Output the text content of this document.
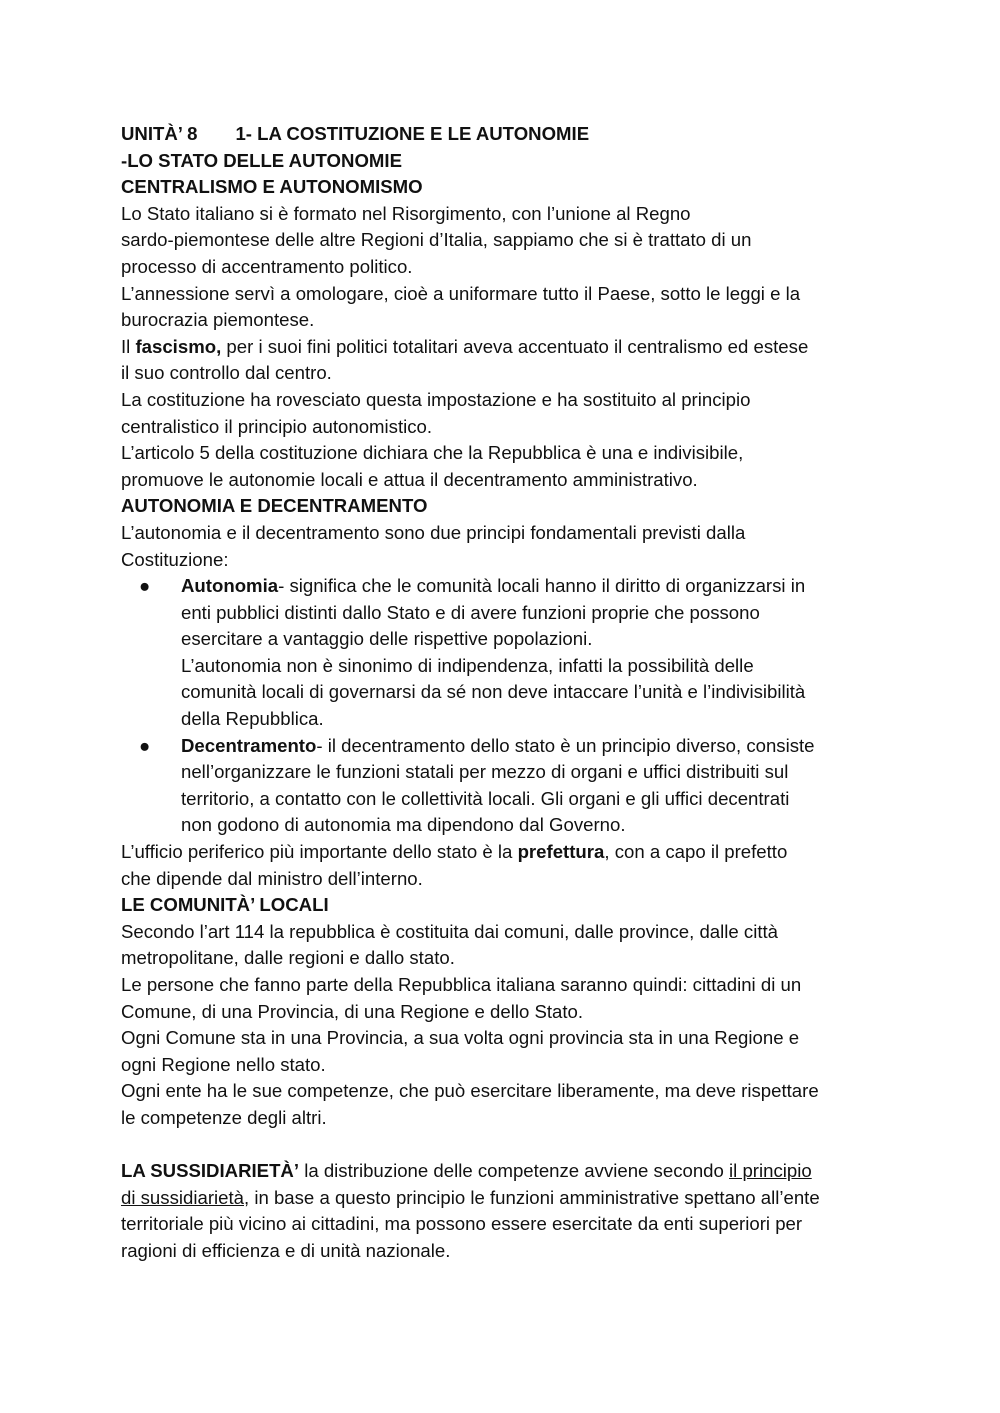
UNITÀ’ 8 1- LA COSTITUZIONE E LE AUTONOMIE
-LO STATO DELLE AUTONOMIE
CENTRALISMO E AUTONOMISMO
Lo Stato italiano si è formato nel Risorgimento, con l’unione al Regno
sardo-piemontese delle altre Regioni d’Italia, sappiamo che si è trattato di un
processo di accentramento politico.
L’annessione servì a omologare, cioè a uniformare tutto il Paese, sotto le leggi e la
burocrazia piemontese.
Il fascismo, per i suoi fini politici totalitari aveva accentuato il centralismo ed estese
il suo controllo dal centro.
La costituzione ha rovesciato questa impostazione e ha sostituito al principio
centralistico il principio autonomistico.
L’articolo 5 della costituzione dichiara che la Repubblica è una e indivisibile,
promuove le autonomie locali e attua il decentramento amministrativo.
AUTONOMIA E DECENTRAMENTO
L’autonomia e il decentramento sono due principi fondamentali previsti dalla
Costituzione:
● Autonomia- significa che le comunità locali hanno il diritto di organizzarsi in
enti pubblici distinti dallo Stato e di avere funzioni proprie che possono
esercitare a vantaggio delle rispettive popolazioni.
L’autonomia non è sinonimo di indipendenza, infatti la possibilità delle
comunità locali di governarsi da sé non deve intaccare l’unità e l’indivisibilità
della Repubblica.
● Decentramento- il decentramento dello stato è un principio diverso, consiste
nell’organizzare le funzioni statali per mezzo di organi e uffici distribuiti sul
territorio, a contatto con le collettività locali. Gli organi e gli uffici decentrati
non godono di autonomia ma dipendono dal Governo.
L’ufficio periferico più importante dello stato è la prefettura, con a capo il prefetto
che dipende dal ministro dell’interno.
LE COMUNITÀ’ LOCALI
Secondo l’art 114 la repubblica è costituita dai comuni, dalle province, dalle città
metropolitane, dalle regioni e dallo stato.
Le persone che fanno parte della Repubblica italiana saranno quindi: cittadini di un
Comune, di una Provincia, di una Regione e dello Stato.
Ogni Comune sta in una Provincia, a sua volta ogni provincia sta in una Regione e
ogni Regione nello stato.
Ogni ente ha le sue competenze, che può esercitare liberamente, ma deve rispettare
le competenze degli altri.
LA SUSSIDIARIETÀ’ la distribuzione delle competenze avviene secondo il principio
di sussidiarietà, in base a questo principio le funzioni amministrative spettano all’ente
territoriale più vicino ai cittadini, ma possono essere esercitate da enti superiori per
ragioni di efficienza e di unità nazionale.
